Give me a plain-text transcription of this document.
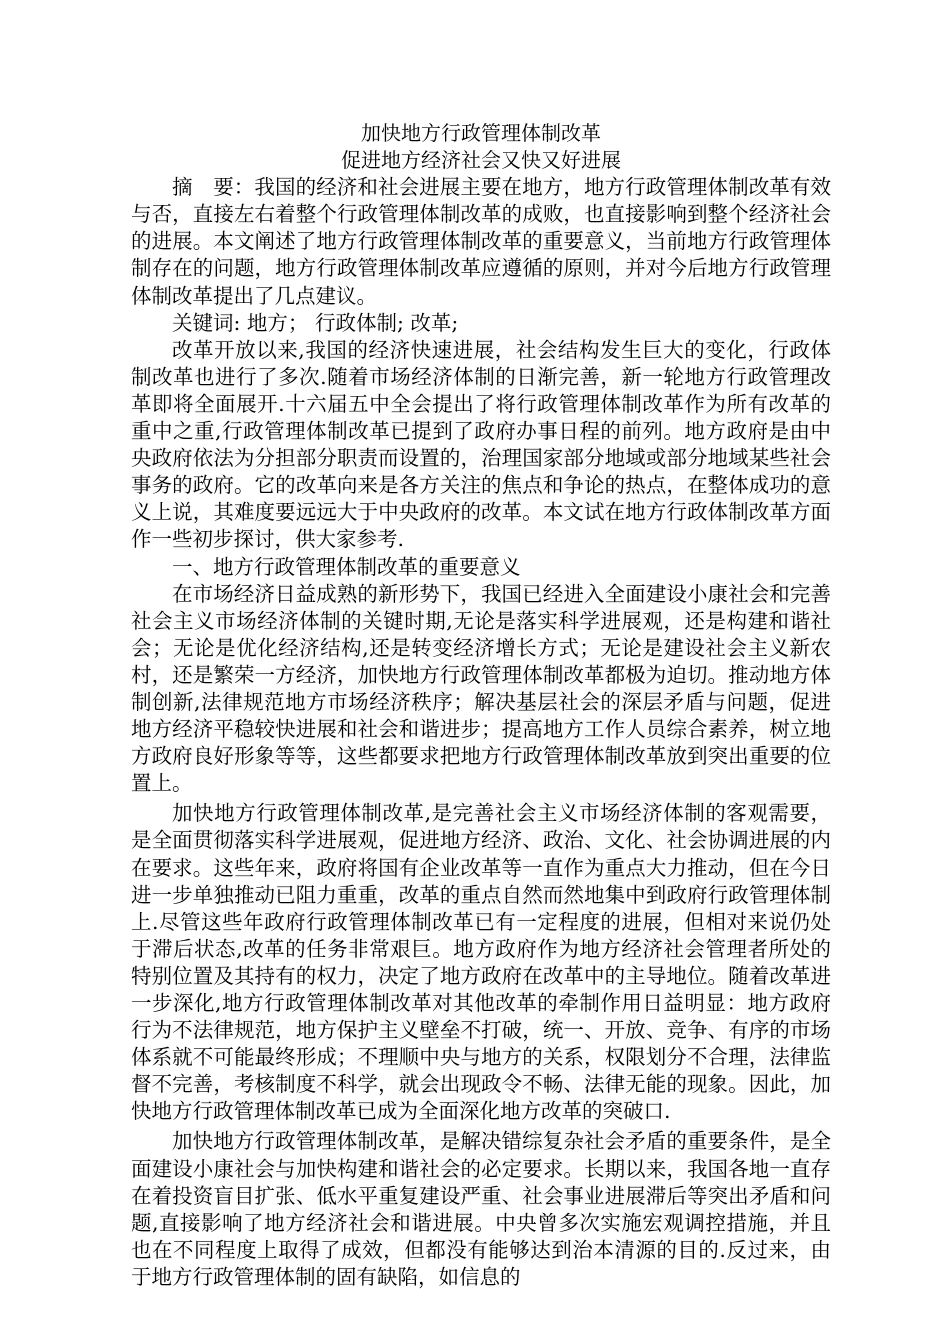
加快地方行政管理体制改革
促进地方经济社会又快又好进展

摘　要：我国的经济和社会进展主要在地方，地方行政管理体制改革有效与否，直接左右着整个行政管理体制改革的成败，也直接影响到整个经济社会的进展。本文阐述了地方行政管理体制改革的重要意义，当前地方行政管理体制存在的问题，地方行政管理体制改革应遵循的原则，并对今后地方行政管理体制改革提出了几点建议。

关键词: 地方； 行政体制; 改革;

改革开放以来,我国的经济快速进展，社会结构发生巨大的变化，行政体制改革也进行了多次.随着市场经济体制的日渐完善，新一轮地方行政管理改革即将全面展开.十六届五中全会提出了将行政管理体制改革作为所有改革的重中之重,行政管理体制改革已提到了政府办事日程的前列。地方政府是由中央政府依法为分担部分职责而设置的，治理国家部分地域或部分地域某些社会事务的政府。它的改革向来是各方关注的焦点和争论的热点，在整体成功的意义上说，其难度要远远大于中央政府的改革。本文试在地方行政体制改革方面作一些初步探讨，供大家参考.

一、地方行政管理体制改革的重要意义

在市场经济日益成熟的新形势下，我国已经进入全面建设小康社会和完善社会主义市场经济体制的关键时期,无论是落实科学进展观，还是构建和谐社会；无论是优化经济结构,还是转变经济增长方式；无论是建设社会主义新农村，还是繁荣一方经济，加快地方行政管理体制改革都极为迫切。推动地方体制创新,法律规范地方市场经济秩序；解决基层社会的深层矛盾与问题，促进地方经济平稳较快进展和社会和谐进步；提高地方工作人员综合素养，树立地方政府良好形象等等，这些都要求把地方行政管理体制改革放到突出重要的位置上。

加快地方行政管理体制改革,是完善社会主义市场经济体制的客观需要，是全面贯彻落实科学进展观，促进地方经济、政治、文化、社会协调进展的内在要求。这些年来，政府将国有企业改革等一直作为重点大力推动，但在今日进一步单独推动已阻力重重，改革的重点自然而然地集中到政府行政管理体制上.尽管这些年政府行政管理体制改革已有一定程度的进展，但相对来说仍处于滞后状态,改革的任务非常艰巨。地方政府作为地方经济社会管理者所处的特别位置及其持有的权力，决定了地方政府在改革中的主导地位。随着改革进一步深化,地方行政管理体制改革对其他改革的牵制作用日益明显：地方政府行为不法律规范，地方保护主义壁垒不打破，统一、开放、竞争、有序的市场体系就不可能最终形成；不理顺中央与地方的关系，权限划分不合理，法律监督不完善，考核制度不科学，就会出现政令不畅、法律无能的现象。因此，加快地方行政管理体制改革已成为全面深化地方改革的突破口.

加快地方行政管理体制改革，是解决错综复杂社会矛盾的重要条件，是全面建设小康社会与加快构建和谐社会的必定要求。长期以来，我国各地一直存在着投资盲目扩张、低水平重复建设严重、社会事业进展滞后等突出矛盾和问题,直接影响了地方经济社会和谐进展。中央曾多次实施宏观调控措施，并且也在不同程度上取得了成效，但都没有能够达到治本清源的目的.反过来，由于地方行政管理体制的固有缺陷，如信息的
